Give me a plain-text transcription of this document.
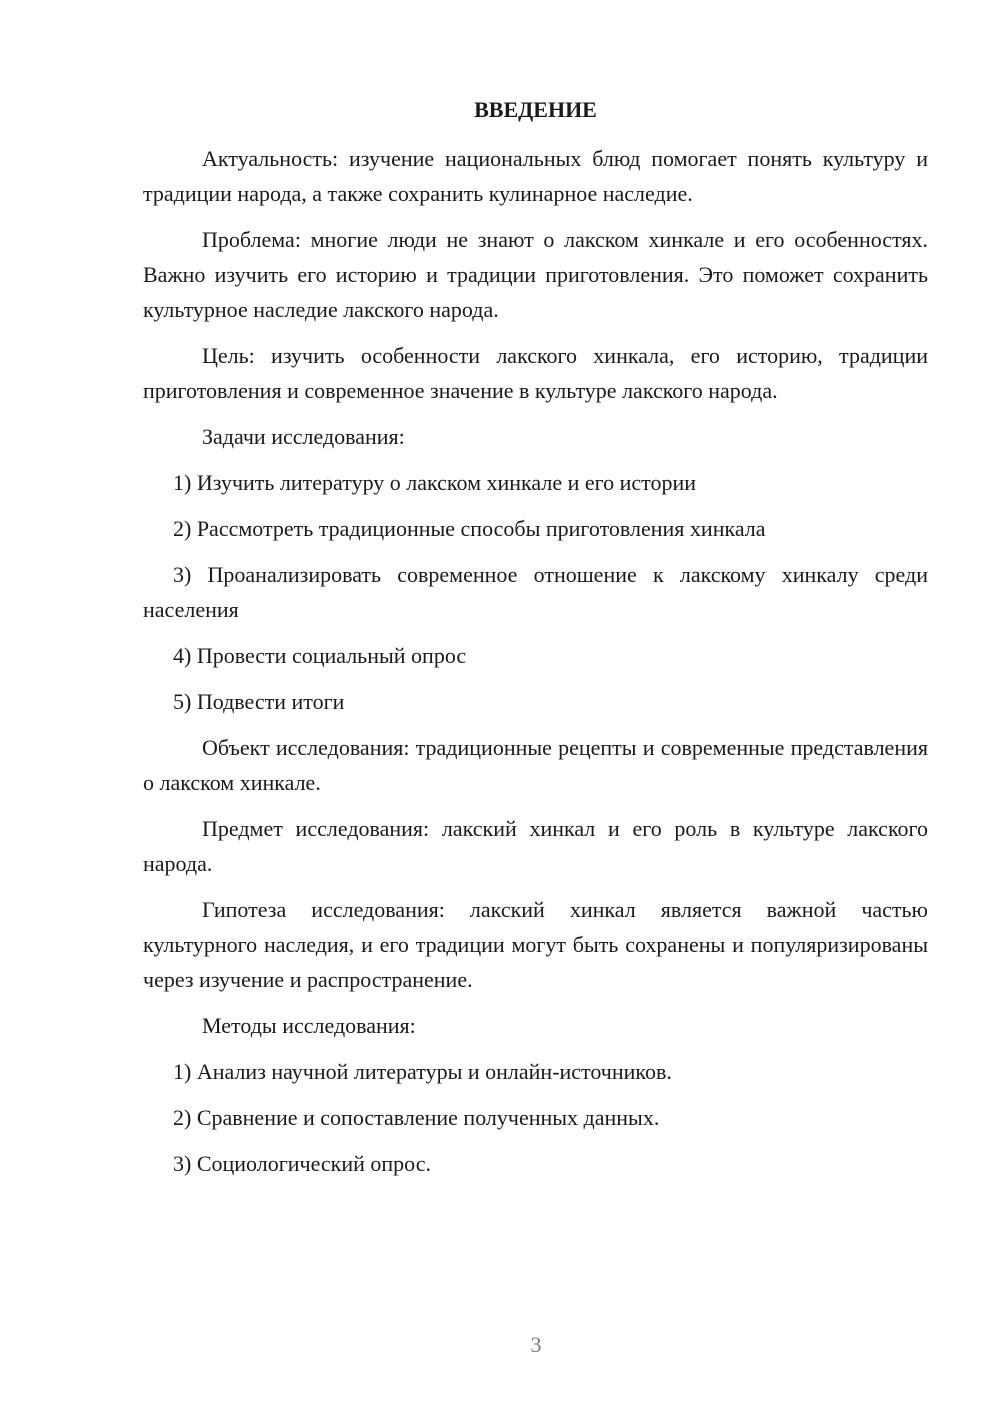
ВВЕДЕНИЕ

Актуальность: изучение национальных блюд помогает понять культуру и традиции народа, а также сохранить кулинарное наследие.

Проблема: многие люди не знают о лакском хинкале и его особенностях. Важно изучить его историю и традиции приготовления. Это поможет сохранить культурное наследие лакского народа.

Цель: изучить особенности лакского хинкала, его историю, традиции приготовления и современное значение в культуре лакского народа.

Задачи исследования:

1) Изучить литературу о лакском хинкале и его истории

2) Рассмотреть традиционные способы приготовления хинкала

3) Проанализировать современное отношение к лакскому хинкалу среди населения

4) Провести социальный опрос

5) Подвести итоги

Объект исследования: традиционные рецепты и современные представления о лакском хинкале.

Предмет исследования: лакский хинкал и его роль в культуре лакского народа.

Гипотеза исследования: лакский хинкал является важной частью культурного наследия, и его традиции могут быть сохранены и популяризированы через изучение и распространение.

Методы исследования:

1) Анализ научной литературы и онлайн-источников.

2) Сравнение и сопоставление полученных данных.

3) Социологический опрос.

3
